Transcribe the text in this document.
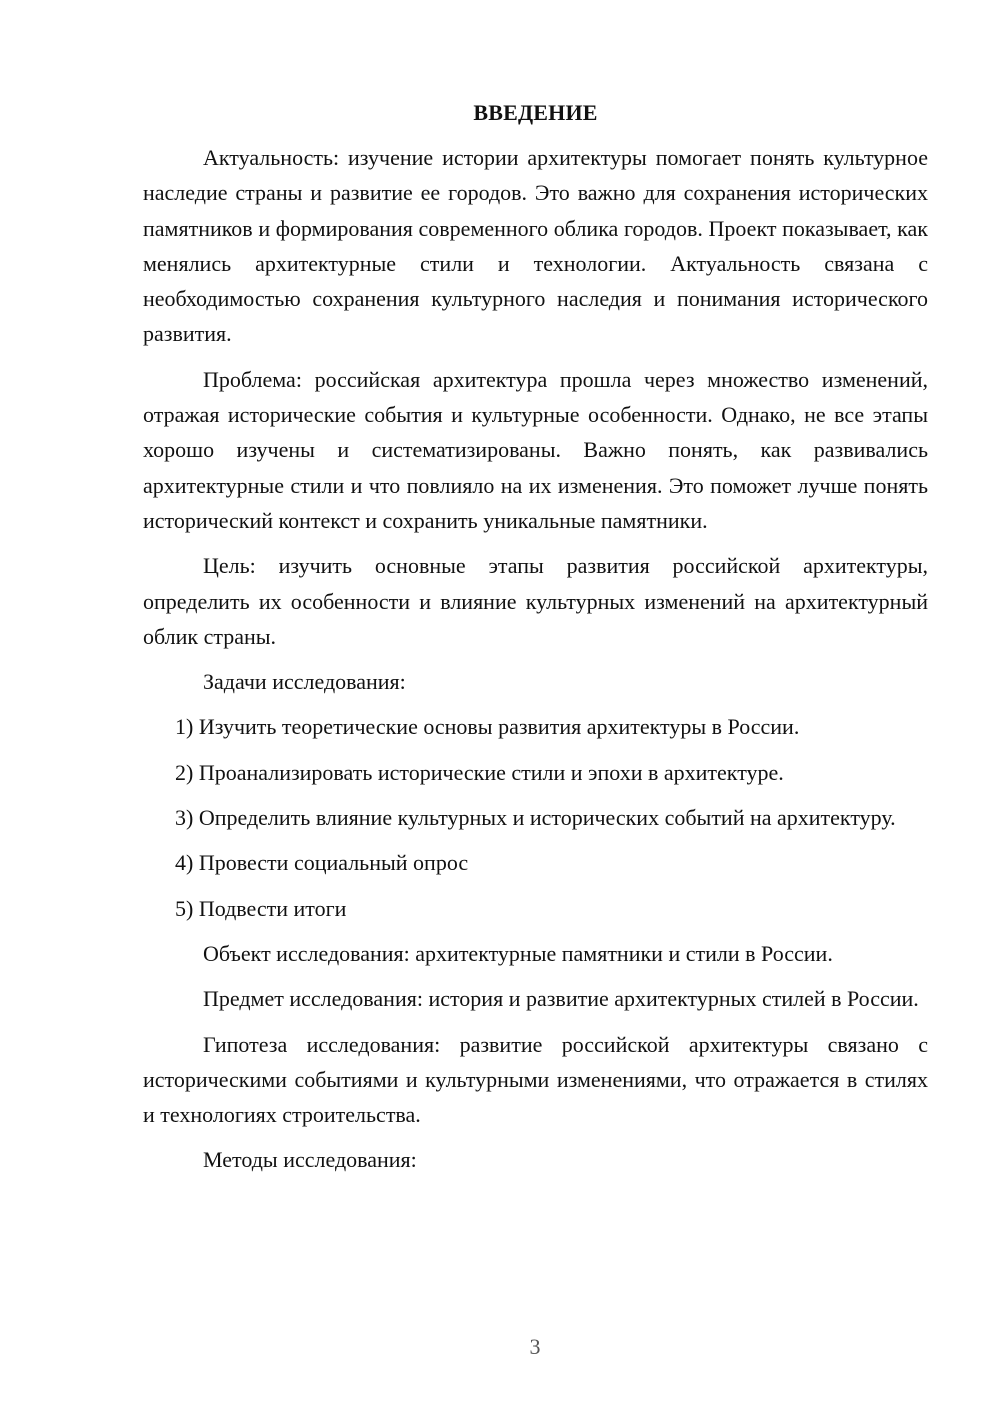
ВВЕДЕНИЕ

Актуальность: изучение истории архитектуры помогает понять культурное наследие страны и развитие ее городов. Это важно для сохранения исторических памятников и формирования современного облика городов. Проект показывает, как менялись архитектурные стили и технологии. Актуальность связана с необходимостью сохранения культурного наследия и понимания исторического развития.

Проблема: российская архитектура прошла через множество изменений, отражая исторические события и культурные особенности. Однако, не все этапы хорошо изучены и систематизированы. Важно понять, как развивались архитектурные стили и что повлияло на их изменения. Это поможет лучше понять исторический контекст и сохранить уникальные памятники.

Цель: изучить основные этапы развития российской архитектуры, определить их особенности и влияние культурных изменений на архитектурный облик страны.

Задачи исследования:

1) Изучить теоретические основы развития архитектуры в России.

2) Проанализировать исторические стили и эпохи в архитектуре.

3) Определить влияние культурных и исторических событий на архитектуру.

4) Провести социальный опрос

5) Подвести итоги

Объект исследования: архитектурные памятники и стили в России.

Предмет исследования: история и развитие архитектурных стилей в России.

Гипотеза исследования: развитие российской архитектуры связано с историческими событиями и культурными изменениями, что отражается в стилях и технологиях строительства.

Методы исследования:

3
